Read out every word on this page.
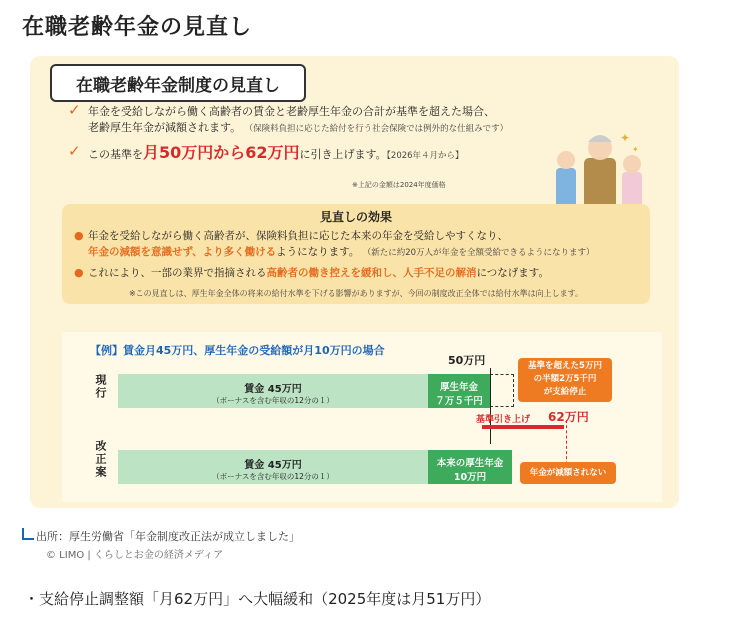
在職老齢年金の見直し
在職老齢年金制度の見直し
✓ 年金を受給しながら働く高齢者の賃金と老齢厚生年金の合計が基準を超えた場合、
老齢厚生年金が減額されます。 （保険料負担に応じた給付を行う社会保険では例外的な仕組みです）
✓ この基準を月50万円から62万円に引き上げます。【2026年４月から】
※上記の金額は2024年度価格
✦
✦
見直しの効果
● 年金を受給しながら働く高齢者が、保険料負担に応じた本来の年金を受給しやすくなり、
年金の減額を意識せず、より多く働けるようになります。 （新たに約20万人が年金を全額受給できるようになります）
● これにより、一部の業界で指摘される高齢者の働き控えを緩和し、人手不足の解消につなげます。
※この見直しは、厚生年金全体の将来の給付水準を下げる影響がありますが、今回の制度改正全体では給付水準は向上します。
【例】賃金月45万円、厚生年金の受給額が月10万円の場合
現行	賃金 45万円
（ボーナスを含む年収の12分の１）
厚生年金
７万５千円
50万円	基準を超えた5万円
の半額2万5千円
が支給停止
基準引き上げ 62万円
改正案	賃金 45万円
（ボーナスを含む年収の12分の１）
本来の厚生年金
10万円	年金が減額されない
出所：厚生労働省「年金制度改正法が成立しました」
© LIMO | くらしとお金の経済メディア
・支給停止調整額「月62万円」へ大幅緩和（2025年度は月51万円）
